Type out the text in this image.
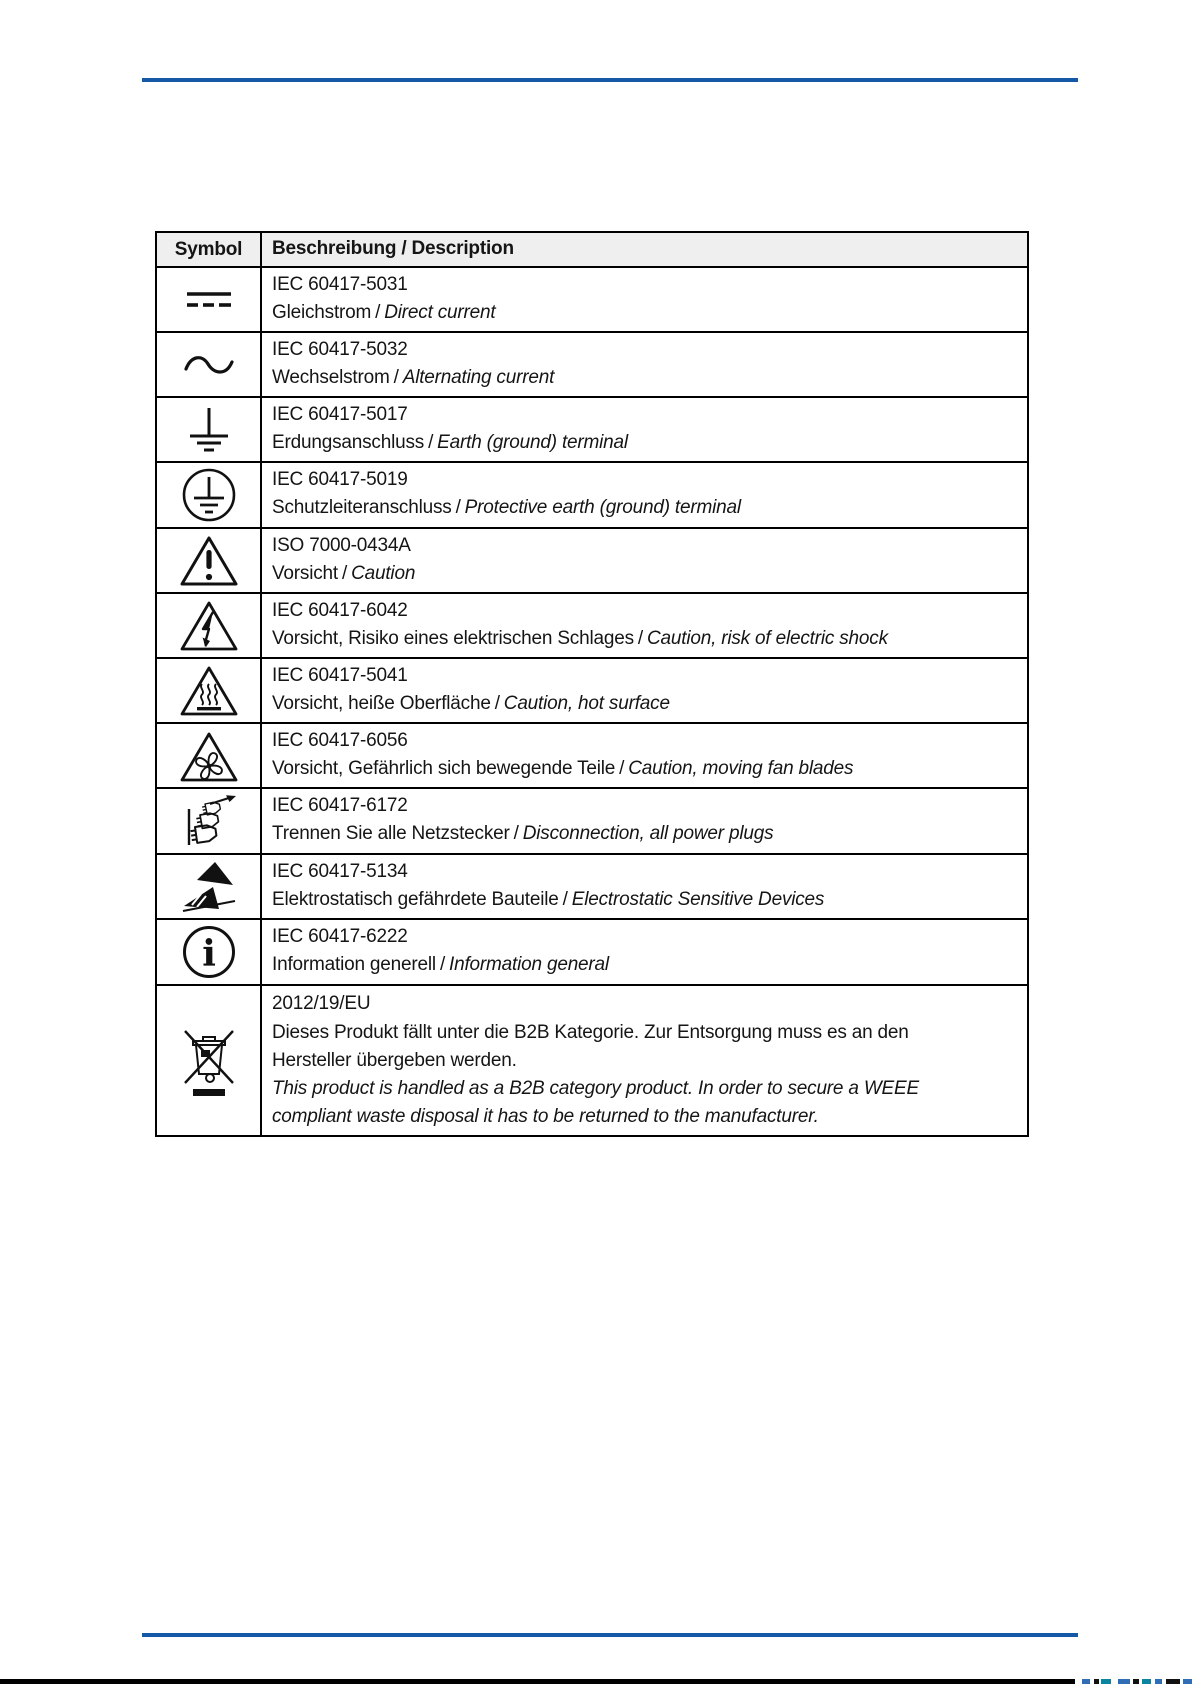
Symbol Beschreibung / Description
IEC 60417-5031
Gleichstrom / Direct current
IEC 60417-5032
Wechselstrom / Alternating current
IEC 60417-5017
Erdungsanschluss / Earth (ground) terminal
IEC 60417-5019
Schutzleiteranschluss / Protective earth (ground) terminal
ISO 7000-0434A
Vorsicht / Caution
IEC 60417-6042
Vorsicht, Risiko eines elektrischen Schlages / Caution, risk of electric shock
IEC 60417-5041
Vorsicht, heiße Oberfläche / Caution, hot surface
IEC 60417-6056
Vorsicht, Gefährlich sich bewegende Teile / Caution, moving fan blades
IEC 60417-6172
Trennen Sie alle Netzstecker / Disconnection, all power plugs
IEC 60417-5134
Elektrostatisch gefährdete Bauteile / Electrostatic Sensitive Devices
i	IEC 60417-6222
Information generell / Information general

2012/19/EU

Dieses Produkt fällt unter die B2B Kategorie. Zur Entsorgung muss es an den Hersteller übergeben werden.

This product is handled as a B2B category product. In order to secure a WEEE compliant waste disposal it has to be returned to the manufacturer.
